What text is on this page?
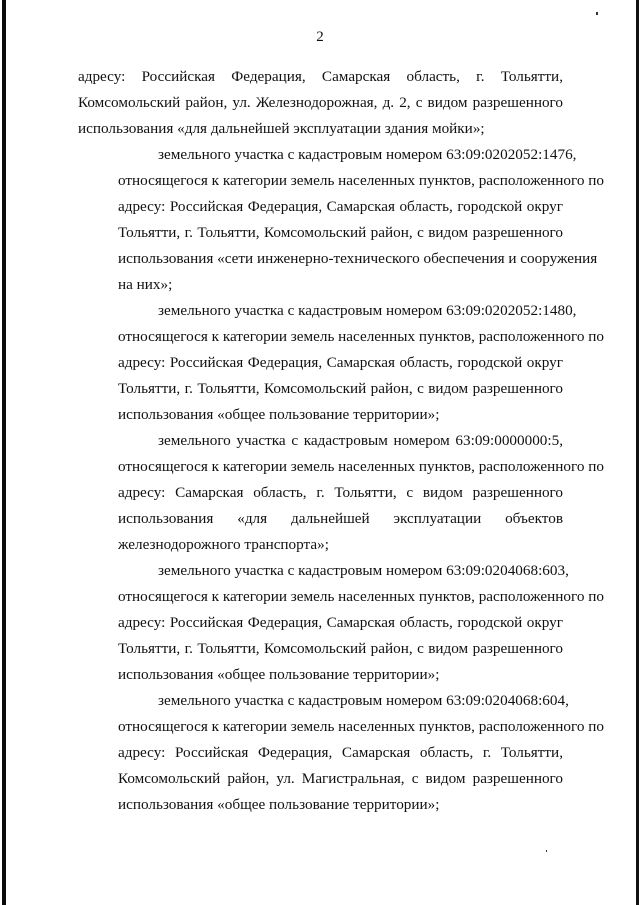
2
адресу: Российская Федерация, Самарская область, г. Тольятти,
Комсомольский район, ул. Железнодорожная, д. 2, с видом разрешенного
использования «для дальнейшей эксплуатации здания мойки»;
земельного участка с кадастровым номером 63:09:0202052:1476,
относящегося к категории земель населенных пунктов, расположенного по
адресу: Российская Федерация, Самарская область, городской округ
Тольятти, г. Тольятти, Комсомольский район, с видом разрешенного
использования «сети инженерно-технического обеспечения и сооружения
на них»;
земельного участка с кадастровым номером 63:09:0202052:1480,
относящегося к категории земель населенных пунктов, расположенного по
адресу: Российская Федерация, Самарская область, городской округ
Тольятти, г. Тольятти, Комсомольский район, с видом разрешенного
использования «общее пользование территории»;
земельного участка с кадастровым номером 63:09:0000000:5,
относящегося к категории земель населенных пунктов, расположенного по
адресу: Самарская область, г. Тольятти, с видом разрешенного
использования «для дальнейшей эксплуатации объектов
железнодорожного транспорта»;
земельного участка с кадастровым номером 63:09:0204068:603,
относящегося к категории земель населенных пунктов, расположенного по
адресу: Российская Федерация, Самарская область, городской округ
Тольятти, г. Тольятти, Комсомольский район, с видом разрешенного
использования «общее пользование территории»;
земельного участка с кадастровым номером 63:09:0204068:604,
относящегося к категории земель населенных пунктов, расположенного по
адресу: Российская Федерация, Самарская область, г. Тольятти,
Комсомольский район, ул. Магистральная, с видом разрешенного
использования «общее пользование территории»;
